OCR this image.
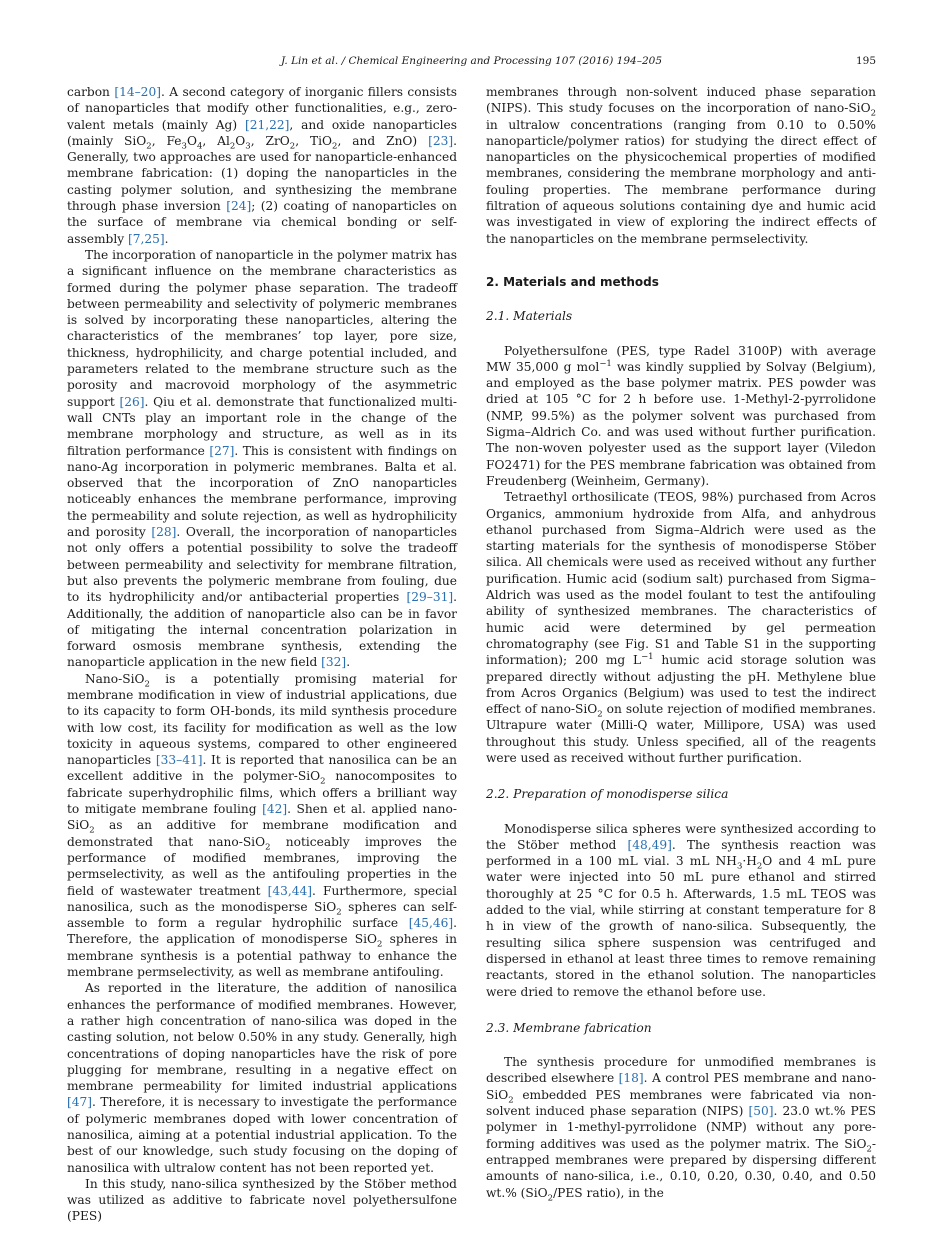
J. Lin et al. / Chemical Engineering and Processing 107 (2016) 194–205	195

carbon [14–20]. A second category of inorganic fillers consists of nanoparticles that modify other functionalities, e.g., zero-valent metals (mainly Ag) [21,22], and oxide nanoparticles (mainly SiO$_2$, $Fe_3O_4$, $Al_2O_3$, ZrO$_2$, TiO$_2$, and ZnO) [23]. Generally, two approaches are used for nanoparticle-enhanced membrane fabrication: (1) doping the nanoparticles in the casting polymer solution, and synthesizing the membrane through phase inversion [24]; (2) coating of nanoparticles on the surface of membrane via chemical bonding or self-assembly [7,25].

The incorporation of nanoparticle in the polymer matrix has a significant influence on the membrane characteristics as formed during the polymer phase separation. The tradeoff between permeability and selectivity of polymeric membranes is solved by incorporating these nanoparticles, altering the characteristics of the membranes’ top layer, pore size, thickness, hydrophilicity, and charge potential included, and parameters related to the membrane structure such as the porosity and macrovoid morphology of the asymmetric support [26]. Qiu et al. demonstrate that functionalized multi-wall CNTs play an important role in the change of the membrane morphology and structure, as well as in its filtration performance [27]. This is consistent with findings on nano-Ag incorporation in polymeric membranes. Balta et al. observed that the incorporation of ZnO nanoparticles noticeably enhances the membrane performance, improving the permeability and solute rejection, as well as hydrophilicity and porosity [28]. Overall, the incorporation of nanoparticles not only offers a potential possibility to solve the tradeoff between permeability and selectivity for membrane filtration, but also prevents the polymeric membrane from fouling, due to its hydrophilicity and/or antibacterial properties [29–31]. Additionally, the addition of nanoparticle also can be in favor of mitigating the internal concentration polarization in forward osmosis membrane synthesis, extending the nanoparticle application in the new field [32].

Nano-SiO$_2$ is a potentially promising material for membrane modification in view of industrial applications, due to its capacity to form OH-bonds, its mild synthesis procedure with low cost, its facility for modification as well as the low toxicity in aqueous systems, compared to other engineered nanoparticles [33–41]. It is reported that nanosilica can be an excellent additive in the polymer-SiO$_2$ nanocomposites to fabricate superhydrophilic films, which offers a brilliant way to mitigate membrane fouling [42]. Shen et al. applied nano-SiO$_2$ as an additive for membrane modification and demonstrated that nano-SiO$_2$ noticeably improves the performance of modified membranes, improving the permselectivity, as well as the antifouling properties in the field of wastewater treatment [43,44]. Furthermore, special nanosilica, such as the monodisperse SiO$_2$ spheres can self-assemble to form a regular hydrophilic surface [45,46]. Therefore, the application of monodisperse SiO$_2$ spheres in membrane synthesis is a potential pathway to enhance the membrane permselectivity, as well as membrane antifouling.

As reported in the literature, the addition of nanosilica enhances the performance of modified membranes. However, a rather high concentration of nano-silica was doped in the casting solution, not below 0.50% in any study. Generally, high concentrations of doping nanoparticles have the risk of pore plugging for membrane, resulting in a negative effect on membrane permeability for limited industrial applications [47]. Therefore, it is necessary to investigate the performance of polymeric membranes doped with lower concentration of nanosilica, aiming at a potential industrial application. To the best of our knowledge, such study focusing on the doping of nanosilica with ultralow content has not been reported yet.

In this study, nano-silica synthesized by the Stöber method was utilized as additive to fabricate novel polyethersulfone (PES)

membranes through non-solvent induced phase separation (NIPS). This study focuses on the incorporation of nano-SiO$_2$ in ultralow concentrations (ranging from 0.10 to 0.50% nanoparticle/polymer ratios) for studying the direct effect of nanoparticles on the physicochemical properties of modified membranes, considering the membrane morphology and anti-fouling properties. The membrane performance during filtration of aqueous solutions containing dye and humic acid was investigated in view of exploring the indirect effects of the nanoparticles on the membrane permselectivity.

2. Materials and methods
2.1. Materials

Polyethersulfone (PES, type Radel 3100P) with average MW 35,000 g mol$^{-1}$ was kindly supplied by Solvay (Belgium), and employed as the base polymer matrix. PES powder was dried at 105 °C for 2 h before use. 1-Methyl-2-pyrrolidone (NMP, 99.5%) as the polymer solvent was purchased from Sigma–Aldrich Co. and was used without further purification. The non-woven polyester used as the support layer (Viledon FO2471) for the PES membrane fabrication was obtained from Freudenberg (Weinheim, Germany).

Tetraethyl orthosilicate (TEOS, 98%) purchased from Acros Organics, ammonium hydroxide from Alfa, and anhydrous ethanol purchased from Sigma–Aldrich were used as the starting materials for the synthesis of monodisperse Stöber silica. All chemicals were used as received without any further purification. Humic acid (sodium salt) purchased from Sigma–Aldrich was used as the model foulant to test the antifouling ability of synthesized membranes. The characteristics of humic acid were determined by gel permeation chromatography (see Fig. S1 and Table S1 in the supporting information); 200 mg $L^{-1}$ humic acid storage solution was prepared directly without adjusting the pH. Methylene blue from Acros Organics (Belgium) was used to test the indirect effect of nano-SiO$_2$ on solute rejection of modified membranes. Ultrapure water (Milli-Q water, Millipore, USA) was used throughout this study. Unless specified, all of the reagents were used as received without further purification.

2.2. Preparation of monodisperse silica

Monodisperse silica spheres were synthesized according to the Stöber method [48,49]. The synthesis reaction was performed in a 100 mL vial. 3 mL $NH_3\cdot H_2O$ and 4 mL pure water were injected into 50 mL pure ethanol and stirred thoroughly at 25 °C for 0.5 h. Afterwards, 1.5 mL TEOS was added to the vial, while stirring at constant temperature for 8 h in view of the growth of nano-silica. Subsequently, the resulting silica sphere suspension was centrifuged and dispersed in ethanol at least three times to remove remaining reactants, stored in the ethanol solution. The nanoparticles were dried to remove the ethanol before use.

2.3. Membrane fabrication

The synthesis procedure for unmodified membranes is described elsewhere [18]. A control PES membrane and nano-SiO$_2$ embedded PES membranes were fabricated via non-solvent induced phase separation (NIPS) [50]. 23.0 wt.% PES polymer in 1-methyl-pyrrolidone (NMP) without any pore-forming additives was used as the polymer matrix. The SiO$_2$-entrapped membranes were prepared by dispersing different amounts of nano-silica, i.e., 0.10, 0.20, 0.30, 0.40, and 0.50 wt.% (SiO$_2$/PES ratio), in the
